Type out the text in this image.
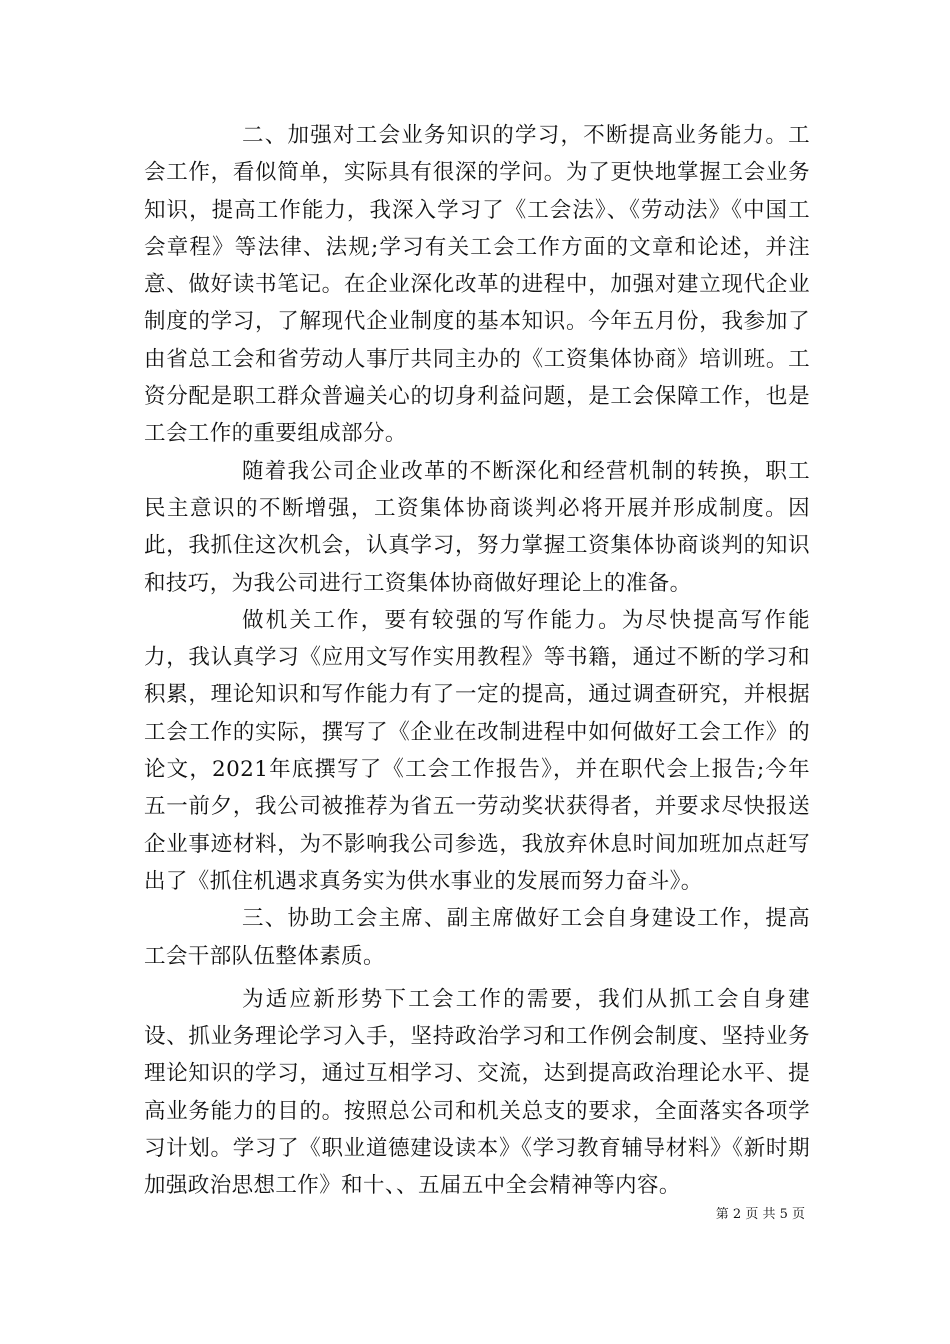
二、加强对工会业务知识的学习，不断提高业务能力。工会工作，看似简单，实际具有很深的学问。为了更快地掌握工会业务知识，提高工作能力，我深入学习了《工会法》、《劳动法》《中国工会章程》等法律、法规;学习有关工会工作方面的文章和论述，并注意、做好读书笔记。在企业深化改革的进程中，加强对建立现代企业制度的学习，了解现代企业制度的基本知识。今年五月份，我参加了由省总工会和省劳动人事厅共同主办的《工资集体协商》培训班。工资分配是职工群众普遍关心的切身利益问题，是工会保障工作，也是工会工作的重要组成部分。

随着我公司企业改革的不断深化和经营机制的转换，职工民主意识的不断增强，工资集体协商谈判必将开展并形成制度。因此，我抓住这次机会，认真学习，努力掌握工资集体协商谈判的知识和技巧，为我公司进行工资集体协商做好理论上的准备。

做机关工作，要有较强的写作能力。为尽快提高写作能力，我认真学习《应用文写作实用教程》等书籍，通过不断的学习和积累，理论知识和写作能力有了一定的提高，通过调查研究，并根据工会工作的实际，撰写了《企业在改制进程中如何做好工会工作》的论文，2021年底撰写了《工会工作报告》，并在职代会上报告;今年五一前夕，我公司被推荐为省五一劳动奖状获得者，并要求尽快报送企业事迹材料，为不影响我公司参选，我放弃休息时间加班加点赶写出了《抓住机遇求真务实为供水事业的发展而努力奋斗》。

三、协助工会主席、副主席做好工会自身建设工作，提高工会干部队伍整体素质。

为适应新形势下工会工作的需要，我们从抓工会自身建设、抓业务理论学习入手，坚持政治学习和工作例会制度、坚持业务理论知识的学习，通过互相学习、交流，达到提高政治理论水平、提高业务能力的目的。按照总公司和机关总支的要求，全面落实各项学习计划。学习了《职业道德建设读本》《学习教育辅导材料》《新时期加强政治思想工作》和十、、五届五中全会精神等内容。

第 2 页 共 5 页
